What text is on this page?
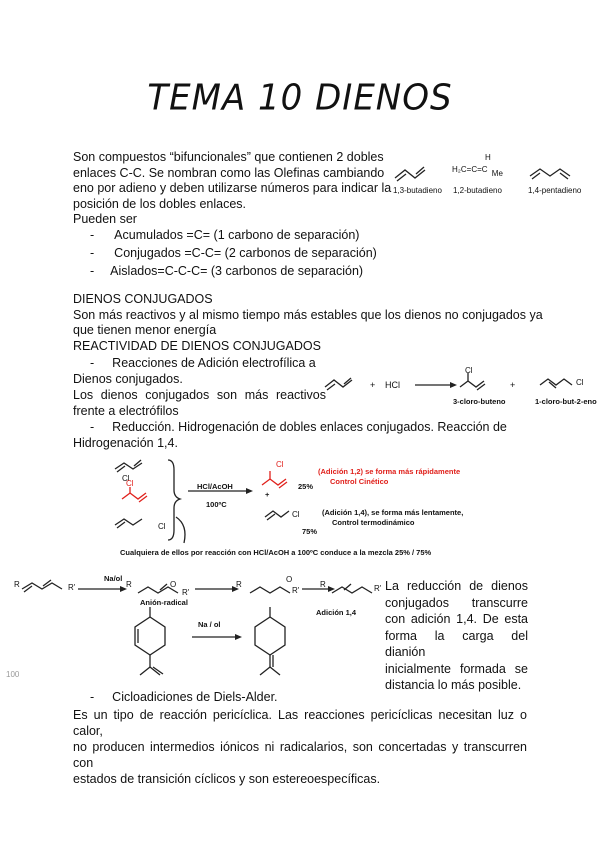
TEMA 10 DIENOS
Son compuestos “bifuncionales” que contienen 2 dobles
enlaces C-C. Se nombran como las Olefinas cambiando
eno por adieno y deben utilizarse números para indicar la
posición de los dobles enlaces.
Pueden ser
- Acumulados =C= (1 carbono de separación)
- Conjugados =C-C= (2 carbonos de separación)
- Aislados=C-C-C= (3 carbonos de separación)
H₂C=C=C Me
H
1,3-butadieno 1,2-butadieno	1,4-pentadieno
DIENOS CONJUGADOS
Son más reactivos y al mismo tiempo más estables que los dienos no conjugados ya
que tienen menor energía
REACTIVIDAD DE DIENOS CONJUGADOS
- Reacciones de Adición electrofílica a
Dienos conjugados.
Los dienos conjugados son más reactivos
frente a electrófilos
- Reducción. Hidrogenación de dobles enlaces conjugados. Reacción de
Hidrogenación 1,4.
+ HCl	+
Cl
Cl
3-cloro-buteno	1-cloro-but-2-eno
Cl
Cl
Cl
HCl/AcOH
100ºC
Cl
+
25%
Cl
75%
(Adición 1,2) se forma más rápidamente
Control Cinético
(Adición 1,4), se forma más lentamente,
Control termodinámico
Cualquiera de ellos por reacción con HCl/AcOH a 100ºC conduce a la mezcla 25% / 75%
R	R'
Na/ol
R	O
R'
Anión-radical
R
O
R'
R	R'
Adición 1,4
Na / ol
100
La reducción de dienos
conjugados transcurre
con adición 1,4. De esta
forma la carga del dianión
inicialmente formada se
distancia lo más posible.
- Cicloadiciones de Diels-Alder.
Es un tipo de reacción pericíclica. Las reacciones pericíclicas necesitan luz o calor,
no producen intermedios iónicos ni radicalarios, son concertadas y transcurren con
estados de transición cíclicos y son estereoespecíficas.
